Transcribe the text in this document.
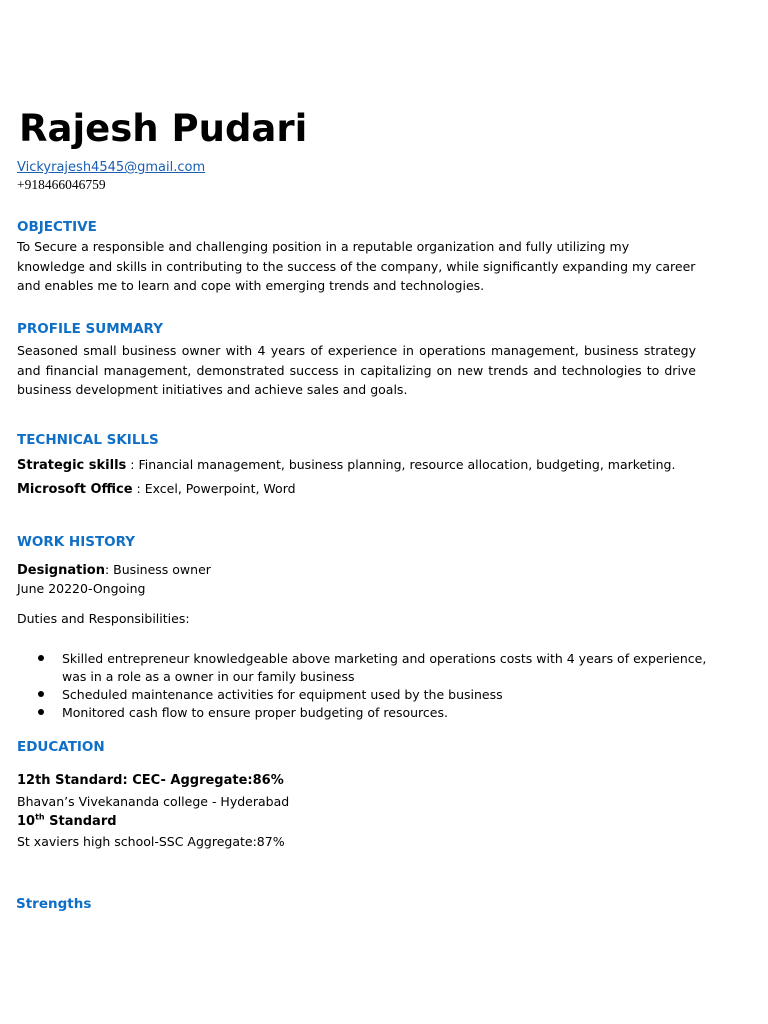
Rajesh Pudari
Vickyrajesh4545@gmail.com
+918466046759
OBJECTIVE

To Secure a responsible and challenging position in a reputable organization and fully utilizing my knowledge and skills in contributing to the success of the company, while significantly expanding my career and enables me to learn and cope with emerging trends and technologies.

PROFILE SUMMARY

Seasoned small business owner with 4 years of experience in operations management, business strategy and financial management, demonstrated success in capitalizing on new trends and technologies to drive business development initiatives and achieve sales and goals.

TECHNICAL SKILLS
Strategic skills : Financial management, business planning, resource allocation, budgeting, marketing.
Microsoft Office : Excel, Powerpoint, Word
WORK HISTORY
Designation: Business owner
June 20220-Ongoing
Duties and Responsibilities:
Skilled entrepreneur knowledgeable above marketing and operations costs with 4 years of experience, was in a role as a owner in our family business
Scheduled maintenance activities for equipment used by the business
Monitored cash flow to ensure proper budgeting of resources.
EDUCATION
12th Standard: CEC- Aggregate:86%
Bhavan’s Vivekananda college - Hyderabad
10th Standard
St xaviers high school-SSC Aggregate:87%
Strengths
